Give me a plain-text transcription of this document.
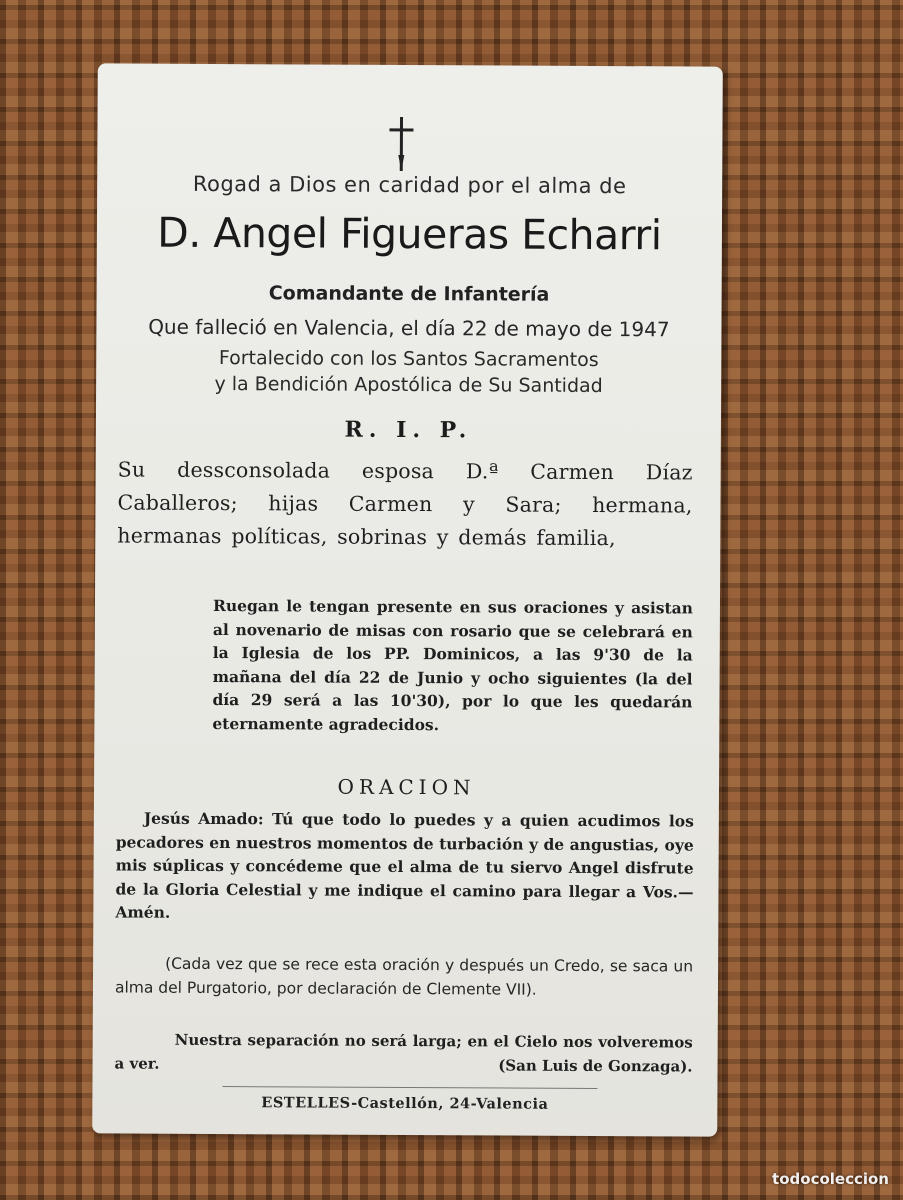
Rogad a Dios en caridad por el alma de
D. Angel Figueras Echarri
Comandante de Infantería
Que falleció en Valencia, el día 22 de mayo de 1947
Fortalecido con los Santos Sacramentos
y la Bendición Apostólica de Su Santidad
R. I. P.
Su dessconsolada esposa D.ª Carmen Díaz Caballeros; hijas Carmen y Sara; hermana, hermanas políticas, sobrinas y demás familia,
Ruegan le tengan presente en sus oraciones y asistan al novenario de misas con rosario que se celebrará en la Iglesia de los PP. Dominicos, a las 9'30 de la mañana del día 22 de Junio y ocho siguientes (la del día 29 será a las 10'30), por lo que les quedarán eternamente agradecidos.
ORACION
Jesús Amado: Tú que todo lo puedes y a quien acudimos los pecadores en nuestros momentos de turbación y de angustias, oye mis súplicas y concédeme que el alma de tu siervo Angel disfrute de la Gloria Celestial y me indique el camino para llegar a Vos.—Amén.
(Cada vez que se rece esta oración y después un Credo, se saca un alma del Purgatorio, por declaración de Clemente VII).
Nuestra separación no será larga; en el Cielo nos volveremos a ver.	(San Luis de Gonzaga).
ESTELLES-Castellón, 24-Valencia
todocoleccion
